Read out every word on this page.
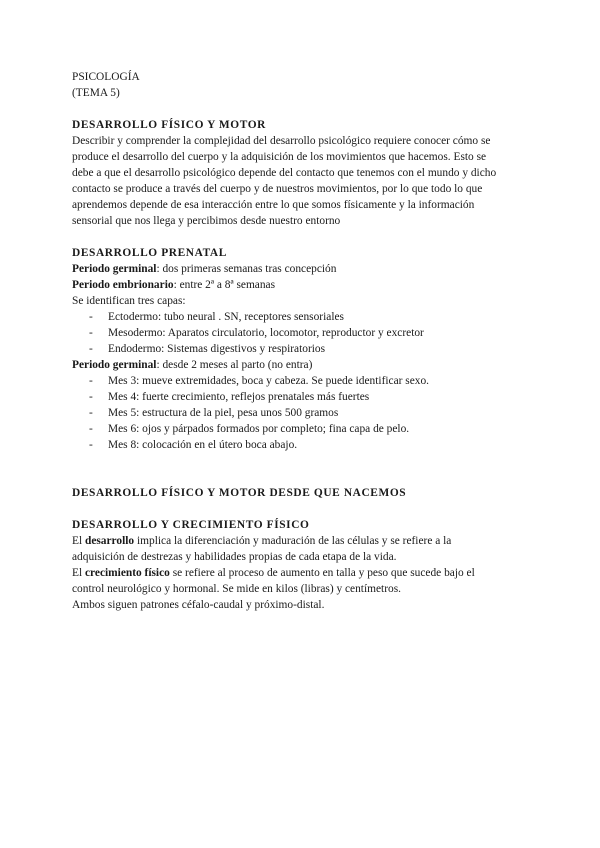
PSICOLOGÍA
(TEMA 5)
DESARROLLO FÍSICO Y MOTOR
Describir y comprender la complejidad del desarrollo psicológico requiere conocer cómo se
produce el desarrollo del cuerpo y la adquisición de los movimientos que hacemos. Esto se
debe a que el desarrollo psicológico depende del contacto que tenemos con el mundo y dicho
contacto se produce a través del cuerpo y de nuestros movimientos, por lo que todo lo que
aprendemos depende de esa interacción entre lo que somos físicamente y la información
sensorial que nos llega y percibimos desde nuestro entorno
DESARROLLO PRENATAL
Periodo germinal: dos primeras semanas tras concepción
Periodo embrionario: entre 2ª a 8ª semanas
Se identifican tres capas:
- Ectodermo: tubo neural . SN, receptores sensoriales
- Mesodermo: Aparatos circulatorio, locomotor, reproductor y excretor
- Endodermo: Sistemas digestivos y respiratorios
Periodo germinal: desde 2 meses al parto (no entra)
- Mes 3: mueve extremidades, boca y cabeza. Se puede identificar sexo.
- Mes 4: fuerte crecimiento, reflejos prenatales más fuertes
- Mes 5: estructura de la piel, pesa unos 500 gramos
- Mes 6: ojos y párpados formados por completo; fina capa de pelo.
- Mes 8: colocación en el útero boca abajo.
DESARROLLO FÍSICO Y MOTOR DESDE QUE NACEMOS
DESARROLLO Y CRECIMIENTO FÍSICO
El desarrollo implica la diferenciación y maduración de las células y se refiere a la
adquisición de destrezas y habilidades propias de cada etapa de la vida.
El crecimiento físico se refiere al proceso de aumento en talla y peso que sucede bajo el
control neurológico y hormonal. Se mide en kilos (libras) y centímetros.
Ambos siguen patrones céfalo-caudal y próximo-distal.
